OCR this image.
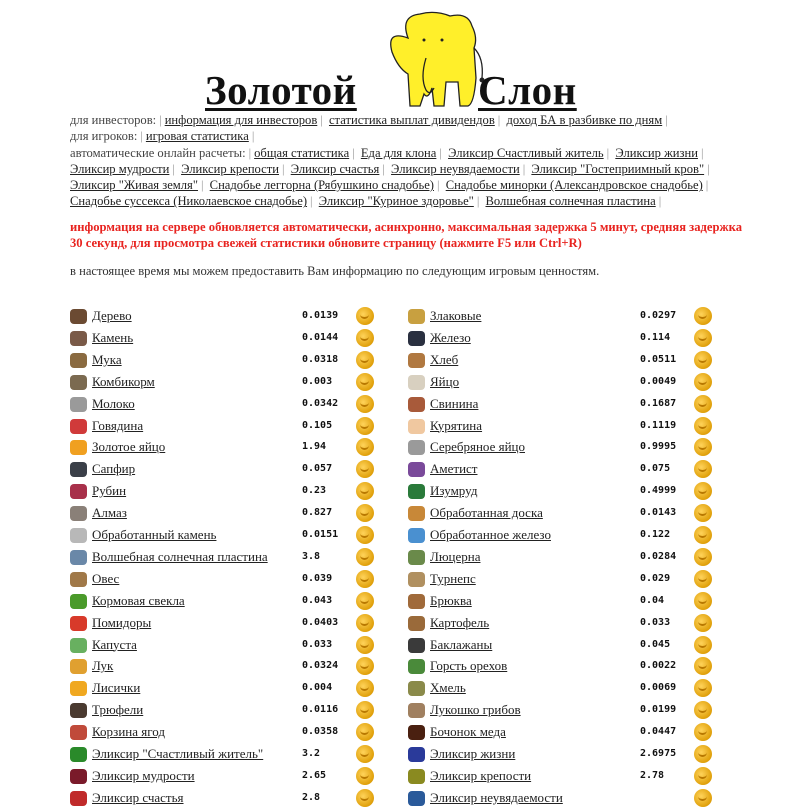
Золотой	Слон
для инвесторов: | информация для инвесторов | статистика выплат дивидендов | доход БА в разбивке по дням |
для игроков: | игровая статистика |
автоматические онлайн расчеты: | общая статистика | Еда для клона | Эликсир Счастливый житель | Эликсир жизни | Эликсир мудрости | Эликсир крепости | Эликсир счастья | Эликсир неувядаемости | Эликсир "Гостеприимный кров" | Эликсир "Живая земля" | Снадобье леггорна (Рябушкино снадобье) | Снадобье минорки (Александровское снадобье) | Снадобье суссекса (Николаевское снадобье) | Эликсир "Куриное здоровье" | Волшебная солнечная пластина |

информация на сервере обновляется автоматически, асинхронно, максимальная задержка 5 минут, средняя задержка 30 секунд, для просмотра свежей статистики обновите страницу (нажмите F5 или Ctrl+R)
в настоящее время мы можем предоставить Вам информацию по следующим игровым ценностям.
Дерево	0.0139
Камень	0.0144
Мука	0.0318
Комбикорм	0.003
Молоко	0.0342
Говядина	0.105
Золотое яйцо	1.94
Сапфир	0.057
Рубин	0.23
Алмаз	0.827
Обработанный камень	0.0151
Волшебная солнечная пластина	3.8
Овес	0.039
Кормовая свекла	0.043
Помидоры	0.0403
Капуста	0.033
Лук	0.0324
Лисички	0.004
Трюфели	0.0116
Корзина ягод	0.0358
Эликсир "Счастливый житель"	3.2
Эликсир мудрости	2.65
Эликсир счастья	2.8
Злаковые	0.0297
Железо	0.114
Хлеб	0.0511
Яйцо	0.0049
Свинина	0.1687
Курятина	0.1119
Серебряное яйцо	0.9995
Аметист	0.075
Изумруд	0.4999
Обработанная доска	0.0143
Обработанное железо	0.122
Люцерна	0.0284
Турнепс	0.029
Брюква	0.04
Картофель	0.033
Баклажаны	0.045
Горсть орехов	0.0022
Хмель	0.0069
Лукошко грибов	0.0199
Бочонок меда	0.0447
Эликсир жизни	2.6975
Эликсир крепости	2.78
Эликсир неувядаемости
